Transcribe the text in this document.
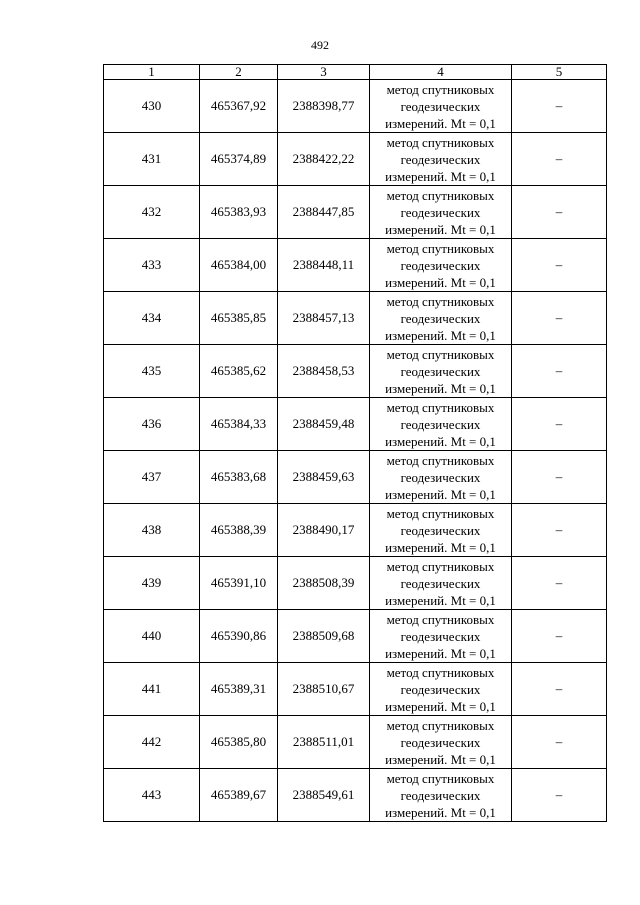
492
1	2	3	4	5
430	465367,92	2388398,77	метод спутниковых
геодезических
измерений. Mt = 0,1	–
431	465374,89	2388422,22	метод спутниковых
геодезических
измерений. Mt = 0,1	–
432	465383,93	2388447,85	метод спутниковых
геодезических
измерений. Mt = 0,1	–
433	465384,00	2388448,11	метод спутниковых
геодезических
измерений. Mt = 0,1	–
434	465385,85	2388457,13	метод спутниковых
геодезических
измерений. Mt = 0,1	–
435	465385,62	2388458,53	метод спутниковых
геодезических
измерений. Mt = 0,1	–
436	465384,33	2388459,48	метод спутниковых
геодезических
измерений. Mt = 0,1	–
437	465383,68	2388459,63	метод спутниковых
геодезических
измерений. Mt = 0,1	–
438	465388,39	2388490,17	метод спутниковых
геодезических
измерений. Mt = 0,1	–
439	465391,10	2388508,39	метод спутниковых
геодезических
измерений. Mt = 0,1	–
440	465390,86	2388509,68	метод спутниковых
геодезических
измерений. Mt = 0,1	–
441	465389,31	2388510,67	метод спутниковых
геодезических
измерений. Mt = 0,1	–
442	465385,80	2388511,01	метод спутниковых
геодезических
измерений. Mt = 0,1	–
443	465389,67	2388549,61	метод спутниковых
геодезических
измерений. Mt = 0,1	–
